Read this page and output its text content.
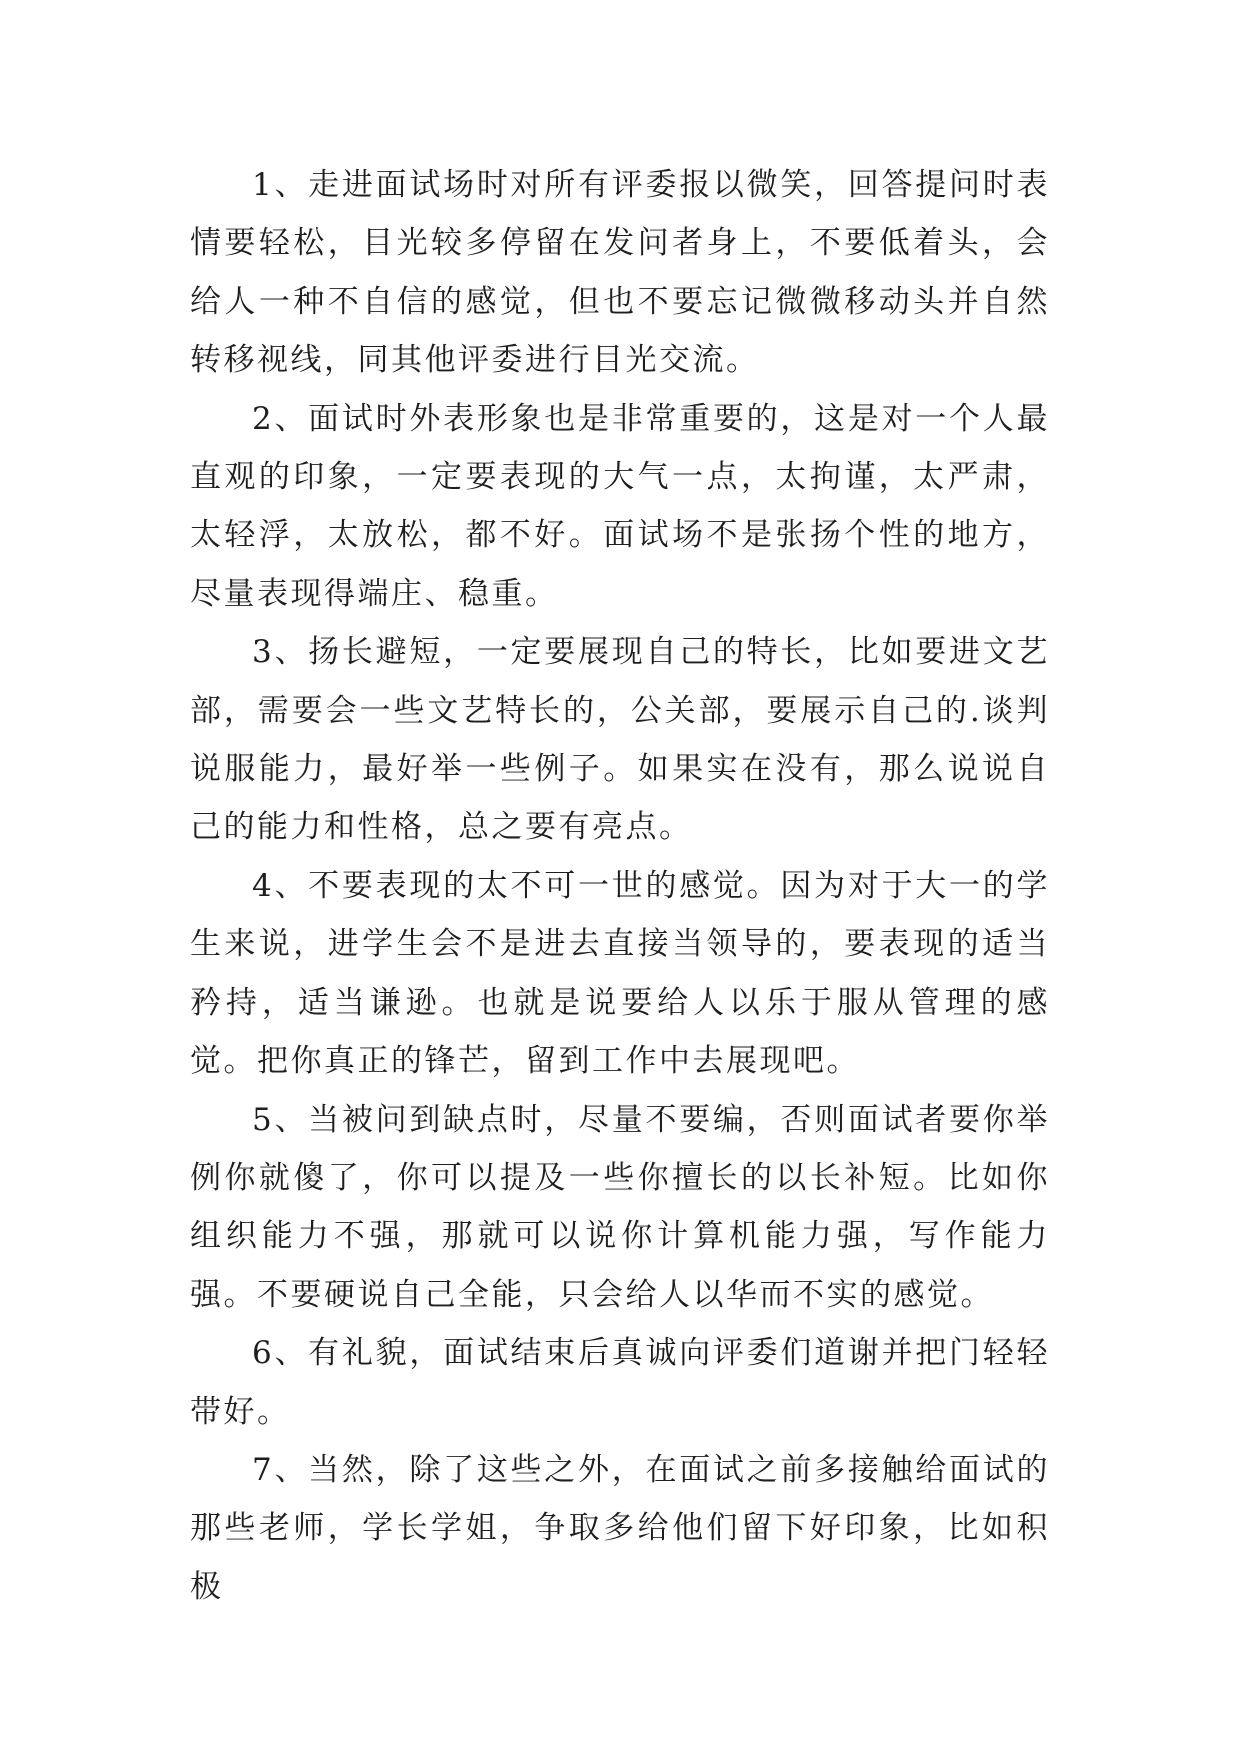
1、走进面试场时对所有评委报以微笑，回答提问时表情要轻松，目光较多停留在发问者身上，不要低着头，会给人一种不自信的感觉，但也不要忘记微微移动头并自然转移视线，同其他评委进行目光交流。

2、面试时外表形象也是非常重要的，这是对一个人最直观的印象，一定要表现的大气一点，太拘谨，太严肃，太轻浮，太放松，都不好。面试场不是张扬个性的地方，尽量表现得端庄、稳重。

3、扬长避短，一定要展现自己的特长，比如要进文艺部，需要会一些文艺特长的，公关部，要展示自己的.谈判说服能力，最好举一些例子。如果实在没有，那么说说自己的能力和性格，总之要有亮点。

4、不要表现的太不可一世的感觉。因为对于大一的学生来说，进学生会不是进去直接当领导的，要表现的适当矜持，适当谦逊。也就是说要给人以乐于服从管理的感觉。把你真正的锋芒，留到工作中去展现吧。

5、当被问到缺点时，尽量不要编，否则面试者要你举例你就傻了，你可以提及一些你擅长的以长补短。比如你组织能力不强，那就可以说你计算机能力强，写作能力强。不要硬说自己全能，只会给人以华而不实的感觉。

6、有礼貌，面试结束后真诚向评委们道谢并把门轻轻带好。

7、当然，除了这些之外，在面试之前多接触给面试的那些老师，学长学姐，争取多给他们留下好印象，比如积极
